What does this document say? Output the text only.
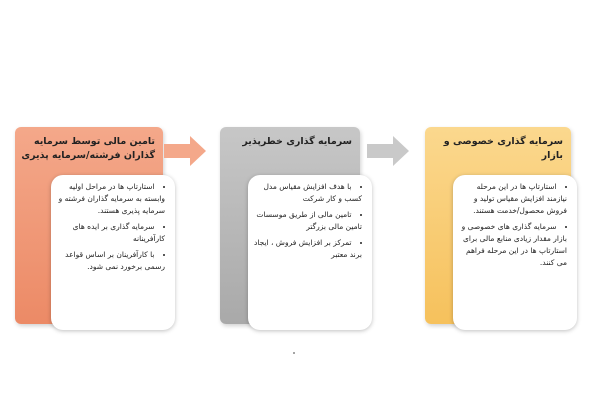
تامین مالی توسط سرمایه گذاران فرشته/سرمایه پذیری
• استارتاپ ها در مراحل اولیه وابسته به سرمایه گذاران فرشته و سرمایه پذیری هستند.
• سرمایه گذاری بر ایده های کارآفرینانه
• با کارآفرینان بر اساس قواعد رسمی برخورد نمی شود.
سرمایه گذاری خطرپذیر
• با هدف افزایش مقیاس مدل کسب و کار شرکت
• تامین مالی از طریق موسسات تامین مالی بزرگتر
• تمرکز بر افزایش فروش ، ایجاد برند معتبر
سرمایه گذاری خصوصی و بازار
• استارتاپ ها در این مرحله نیازمند افزایش مقیاس تولید و فروش محصول/خدمت هستند.
• سرمایه گذاری های خصوصی و بازار مقدار زیادی منابع مالی برای استارتاپ ها در این مرحله فراهم می کنند.
